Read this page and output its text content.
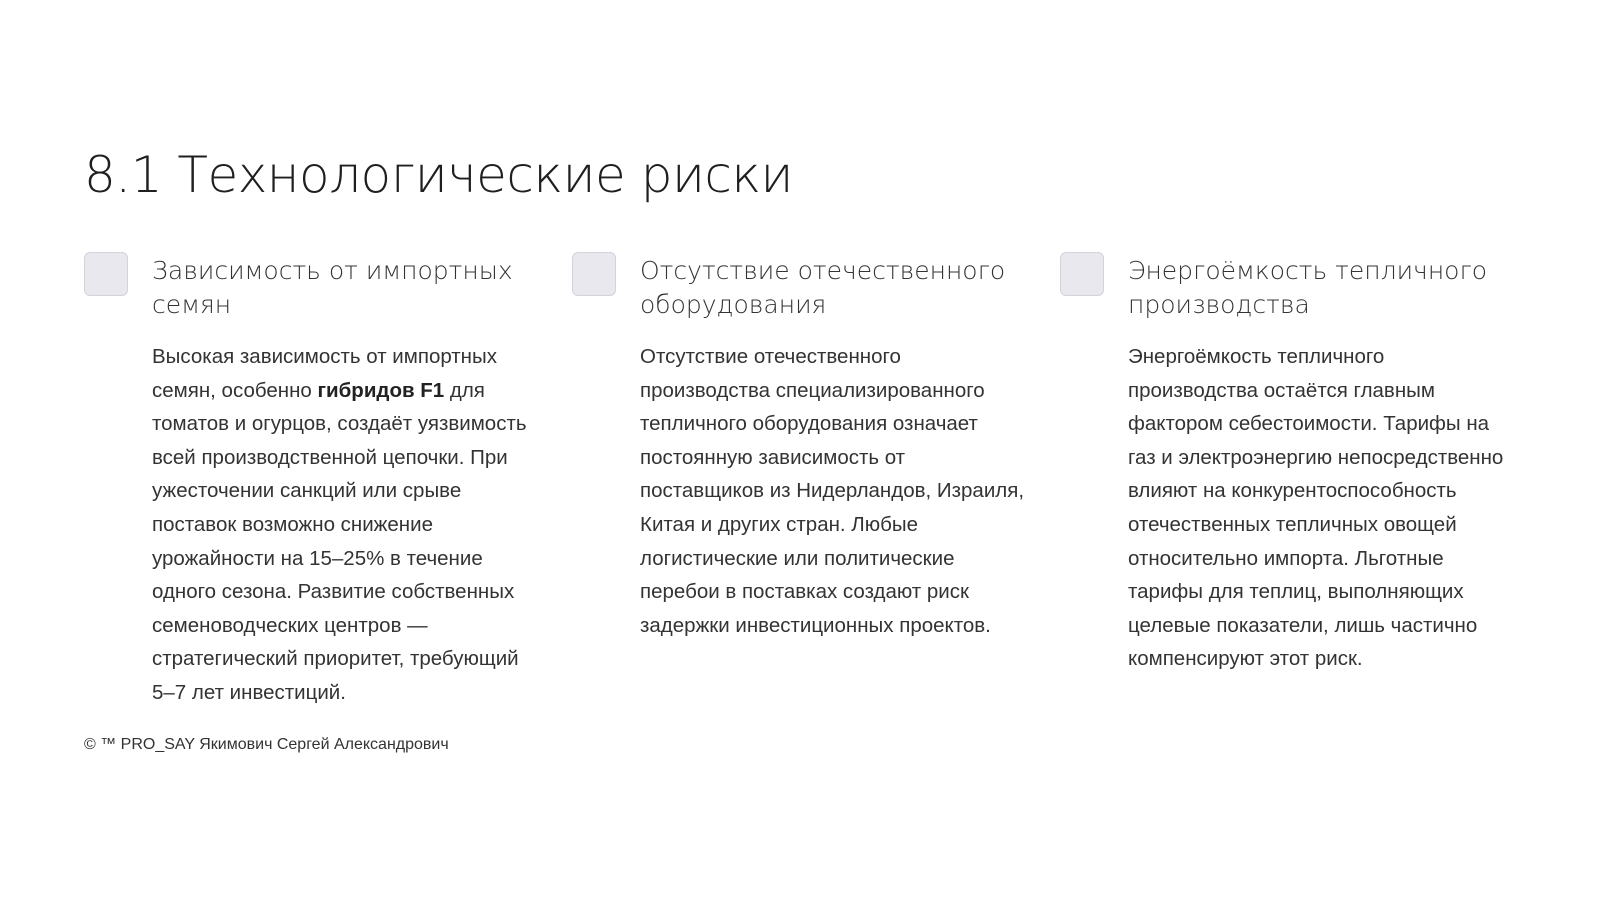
8.1 Технологические риски
Зависимость от импортных семян
Высокая зависимость от импортных семян, особенно гибридов F1 для томатов и огурцов, создаёт уязвимость всей производственной цепочки. При ужесточении санкций или срыве поставок возможно снижение урожайности на 15–25% в течение одного сезона. Развитие собственных семеноводческих центров — стратегический приоритет, требующий 5–7 лет инвестиций.
Отсутствие отечественного оборудования
Отсутствие отечественного производства специализированного тепличного оборудования означает постоянную зависимость от поставщиков из Нидерландов, Израиля, Китая и других стран. Любые логистические или политические перебои в поставках создают риск задержки инвестиционных проектов.
Энергоёмкость тепличного производства
Энергоёмкость тепличного производства остаётся главным фактором себестоимости. Тарифы на газ и электроэнергию непосредственно влияют на конкурентоспособность отечественных тепличных овощей относительно импорта. Льготные тарифы для теплиц, выполняющих целевые показатели, лишь частично компенсируют этот риск.
© ™ PRO_SAY Якимович Сергей Александрович
